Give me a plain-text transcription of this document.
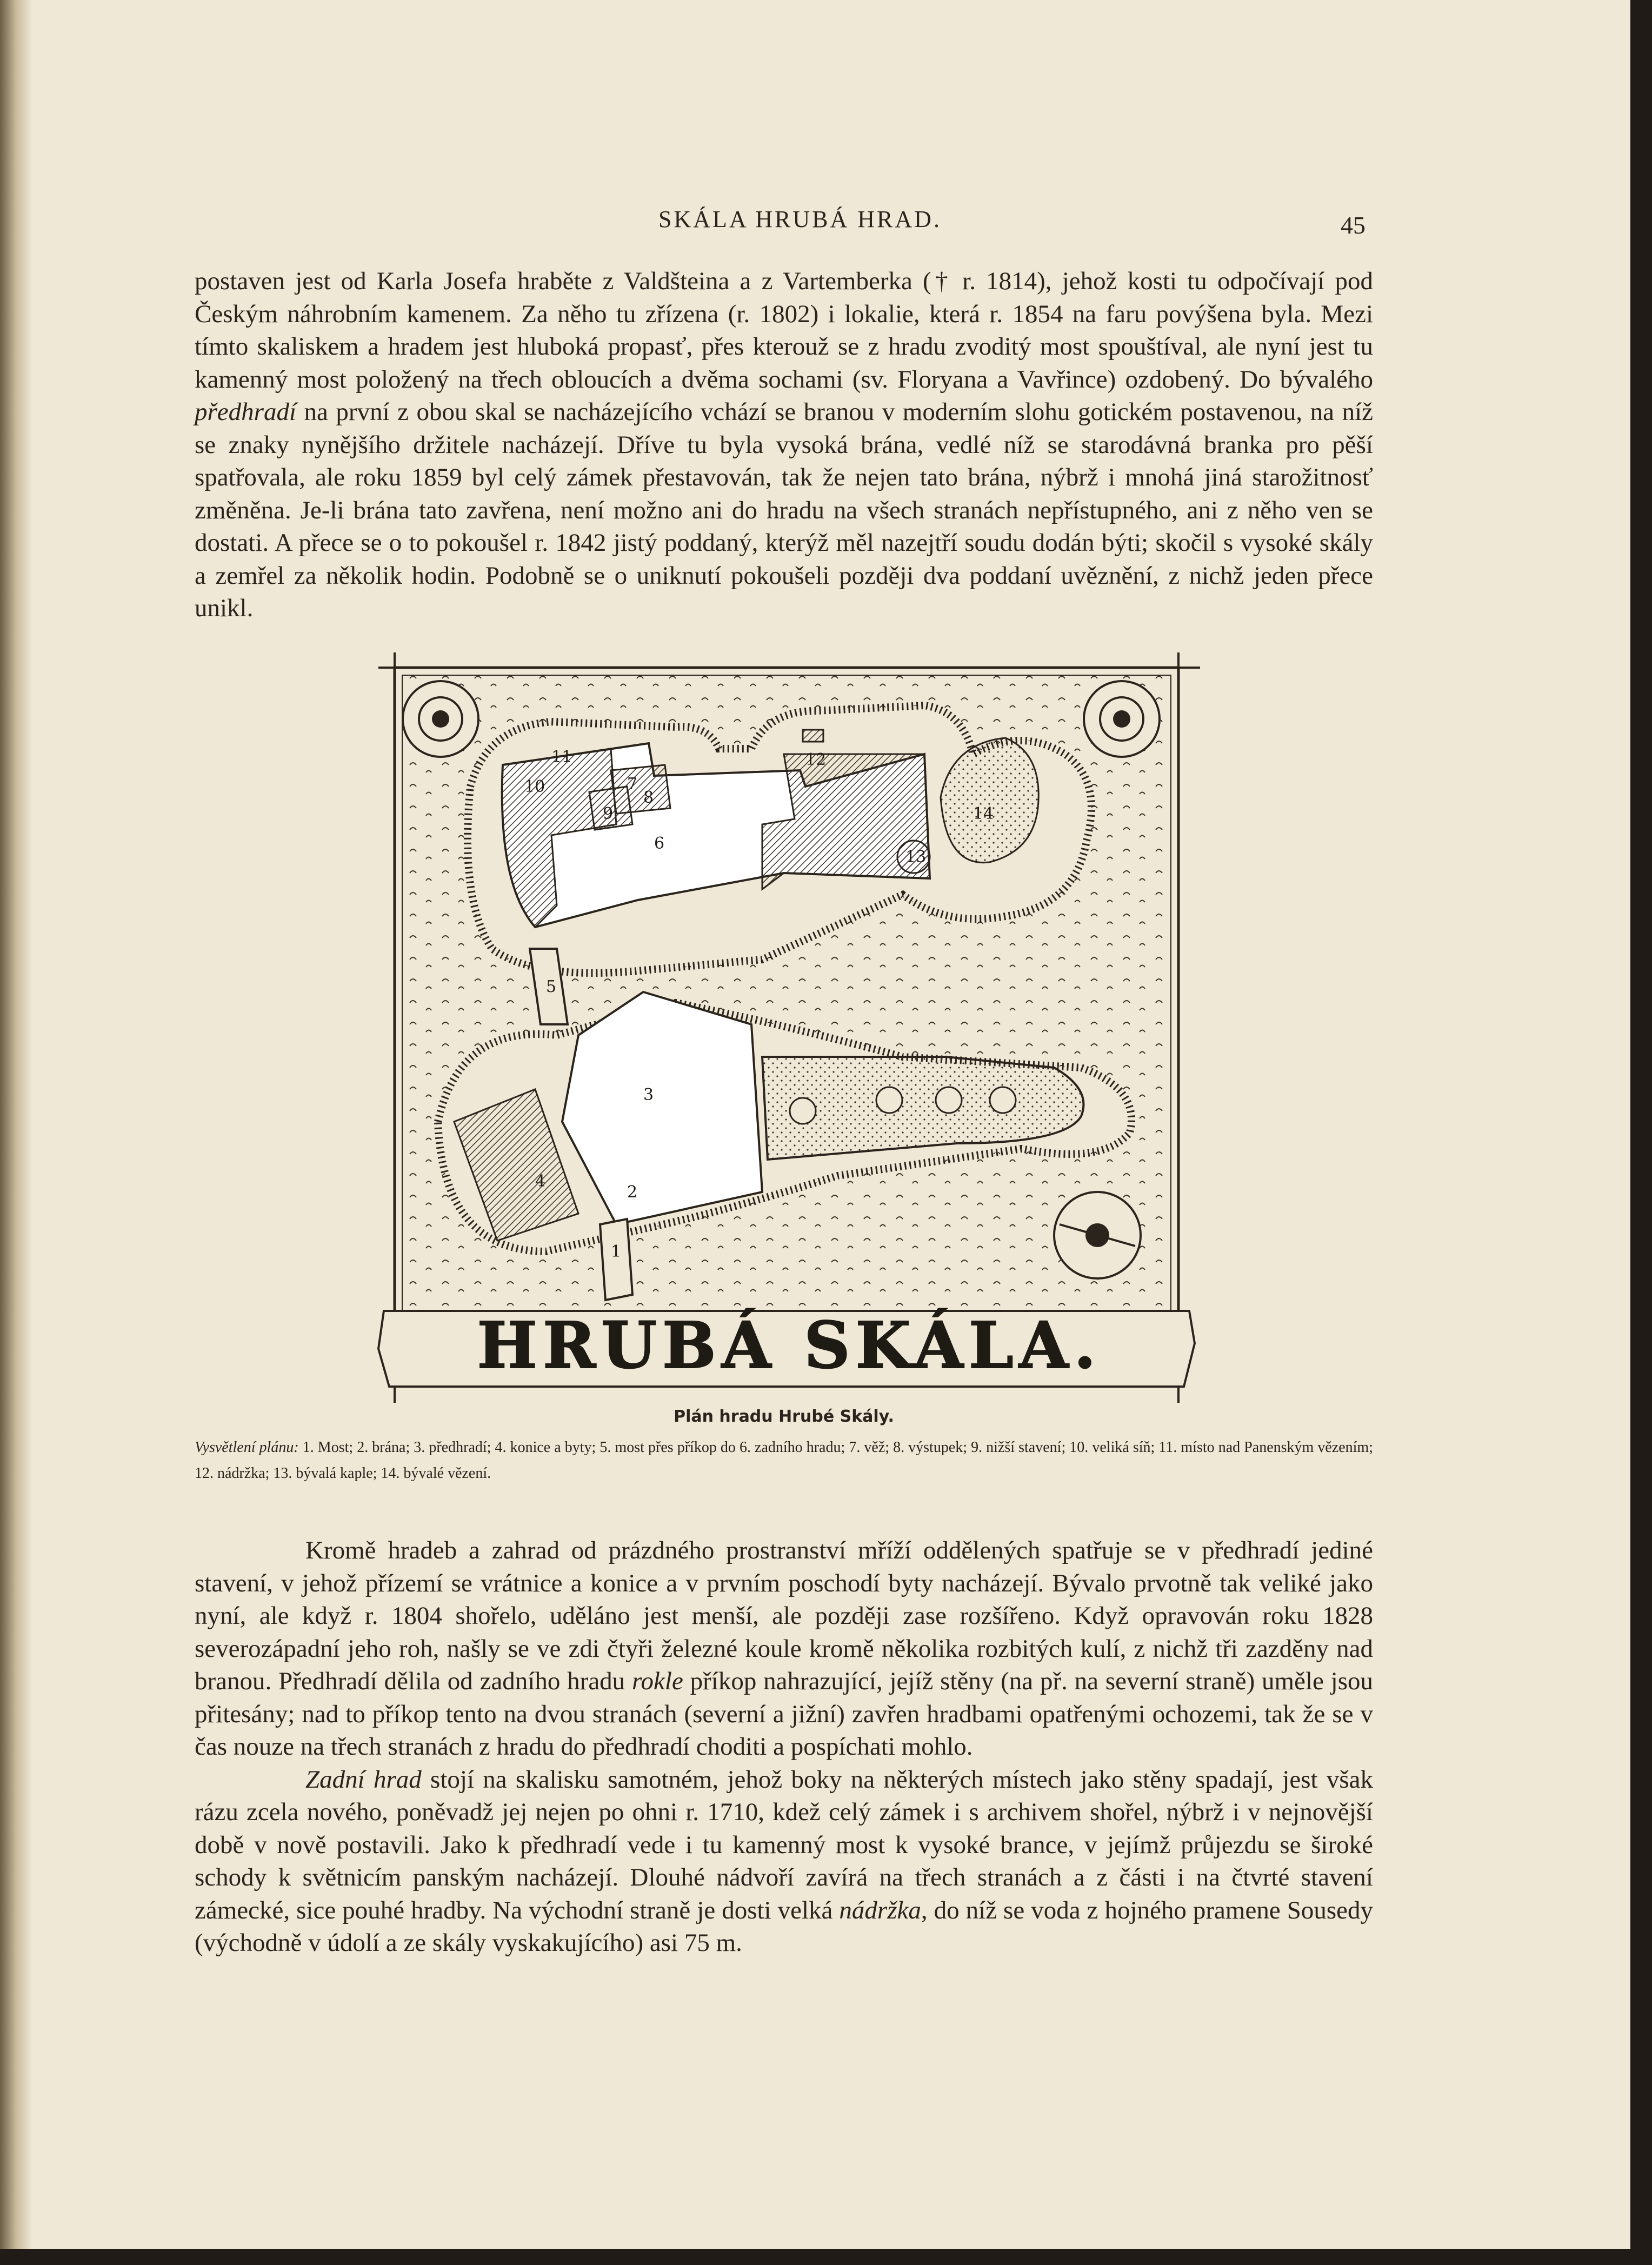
SKÁLA HRUBÁ HRAD.	45

postaven jest od Karla Josefa hraběte z Valdšteina a z Vartemberka († r. 1814), jehož kosti tu odpočívají pod Českým náhrobním kamenem. Za něho tu zřízena (r. 1802) i lokalie, která r. 1854 na faru povýšena byla. Mezi tímto skaliskem a hradem jest hluboká propasť, přes kterouž se z hradu zvoditý most spouštíval, ale nyní jest tu kamenný most položený na třech obloucích a dvěma sochami (sv. Floryana a Vavřince) ozdobený. Do bývalého předhradí na první z obou skal se nacházejícího vchází se branou v moderním slohu gotickém postavenou, na níž se znaky nynějšího držitele nacházejí. Dříve tu byla vysoká brána, vedlé níž se starodávná branka pro pěší spatřovala, ale roku 1859 byl celý zámek přestavován, tak že nejen tato brána, nýbrž i mnohá jiná starožitnosť změněna. Je-li brána tato zavřena, není možno ani do hradu na všech stranách nepřístupného, ani z něho ven se dostati. A přece se o to pokoušel r. 1842 jistý poddaný, kterýž měl nazejtří soudu dodán býti; skočil s vysoké skály a zemřel za několik hodin. Podobně se o uniknutí pokoušeli později dva poddaní uvěznění, z nichž jeden přece unikl.

1
2
3
4
5
6
7
8
9
10
11	12
13
14
HRUBÁ SKÁLA.
Plán hradu Hrubé Skály.
Vysvětlení plánu: 1. Most; 2. brána; 3. předhradí; 4. konice a byty; 5. most přes příkop do 6. zadního hradu; 7. věž; 8. výstupek; 9. nižší stavení; 10. veliká síň; 11. místo nad Panenským vězením; 12. nádržka; 13. bývalá kaple; 14. bývalé vězení.

Kromě hradeb a zahrad od prázdného prostranství mříží oddělených spatřuje se v předhradí jediné stavení, v jehož přízemí se vrátnice a konice a v prvním poschodí byty nacházejí. Bývalo prvotně tak veliké jako nyní, ale když r. 1804 shořelo, uděláno jest menší, ale později zase rozšířeno. Když opravován roku 1828 severozápadní jeho roh, našly se ve zdi čtyři železné koule kromě několika rozbitých kulí, z nichž tři zazděny nad branou. Předhradí dělila od zadního hradu rokle příkop nahrazující, jejíž stěny (na př. na severní straně) uměle jsou přitesány; nad to příkop tento na dvou stranách (severní a jižní) zavřen hradbami opatřenými ochozemi, tak že se v čas nouze na třech stranách z hradu do předhradí choditi a pospíchati mohlo.

Zadní hrad stojí na skalisku samotném, jehož boky na některých místech jako stěny spadají, jest však rázu zcela nového, poněvadž jej nejen po ohni r. 1710, kdež celý zámek i s archivem shořel, nýbrž i v nejnovější době v nově postavili. Jako k předhradí vede i tu kamenný most k vysoké brance, v jejímž průjezdu se široké schody k světnicím panským nacházejí. Dlouhé nádvoří zavírá na třech stranách a z části i na čtvrté stavení zámecké, sice pouhé hradby. Na východní straně je dosti velká nádržka, do níž se voda z hojného pramene Sousedy (východně v údolí a ze skály vyskakujícího) asi 75 m.
